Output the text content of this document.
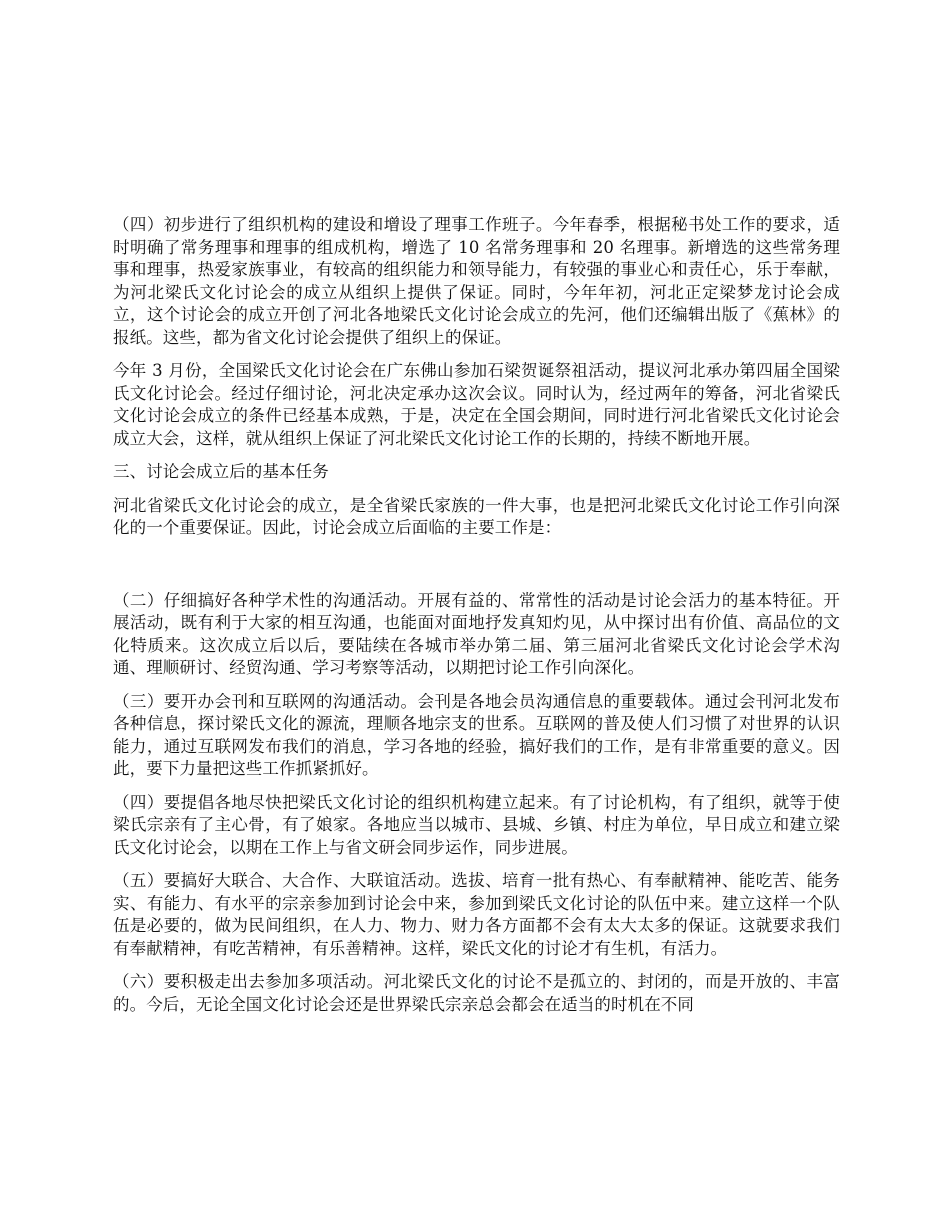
（四）初步进行了组织机构的建设和增设了理事工作班子。今年春季，根据秘书处工作的要求，适时明确了常务理事和理事的组成机构，增选了 10 名常务理事和 20 名理事。新增选的这些常务理事和理事，热爱家族事业，有较高的组织能力和领导能力，有较强的事业心和责任心，乐于奉献，为河北梁氏文化讨论会的成立从组织上提供了保证。同时，今年年初，河北正定梁梦龙讨论会成立，这个讨论会的成立开创了河北各地梁氏文化讨论会成立的先河，他们还编辑出版了《蕉林》的报纸。这些，都为省文化讨论会提供了组织上的保证。

今年 3 月份，全国梁氏文化讨论会在广东佛山参加石梁贺诞祭祖活动，提议河北承办第四届全国梁氏文化讨论会。经过仔细讨论，河北决定承办这次会议。同时认为，经过两年的筹备，河北省梁氏文化讨论会成立的条件已经基本成熟，于是，决定在全国会期间，同时进行河北省梁氏文化讨论会成立大会，这样，就从组织上保证了河北梁氏文化讨论工作的长期的，持续不断地开展。

三、讨论会成立后的基本任务

河北省梁氏文化讨论会的成立，是全省梁氏家族的一件大事，也是把河北梁氏文化讨论工作引向深化的一个重要保证。因此，讨论会成立后面临的主要工作是：

（二）仔细搞好各种学术性的沟通活动。开展有益的、常常性的活动是讨论会活力的基本特征。开展活动，既有利于大家的相互沟通，也能面对面地抒发真知灼见，从中探讨出有价值、高品位的文化特质来。这次成立后以后，要陆续在各城市举办第二届、第三届河北省梁氏文化讨论会学术沟通、理顺研讨、经贸沟通、学习考察等活动，以期把讨论工作引向深化。

（三）要开办会刊和互联网的沟通活动。会刊是各地会员沟通信息的重要载体。通过会刊河北发布各种信息，探讨梁氏文化的源流，理顺各地宗支的世系。互联网的普及使人们习惯了对世界的认识能力，通过互联网发布我们的消息，学习各地的经验，搞好我们的工作，是有非常重要的意义。因此，要下力量把这些工作抓紧抓好。

（四）要提倡各地尽快把梁氏文化讨论的组织机构建立起来。有了讨论机构，有了组织，就等于使梁氏宗亲有了主心骨，有了娘家。各地应当以城市、县城、乡镇、村庄为单位，早日成立和建立梁氏文化讨论会，以期在工作上与省文研会同步运作，同步进展。

（五）要搞好大联合、大合作、大联谊活动。选拔、培育一批有热心、有奉献精神、能吃苦、能务实、有能力、有水平的宗亲参加到讨论会中来，参加到梁氏文化讨论的队伍中来。建立这样一个队伍是必要的，做为民间组织，在人力、物力、财力各方面都不会有太大太多的保证。这就要求我们有奉献精神，有吃苦精神，有乐善精神。这样，梁氏文化的讨论才有生机，有活力。

（六）要积极走出去参加多项活动。河北梁氏文化的讨论不是孤立的、封闭的，而是开放的、丰富的。今后，无论全国文化讨论会还是世界梁氏宗亲总会都会在适当的时机在不同
